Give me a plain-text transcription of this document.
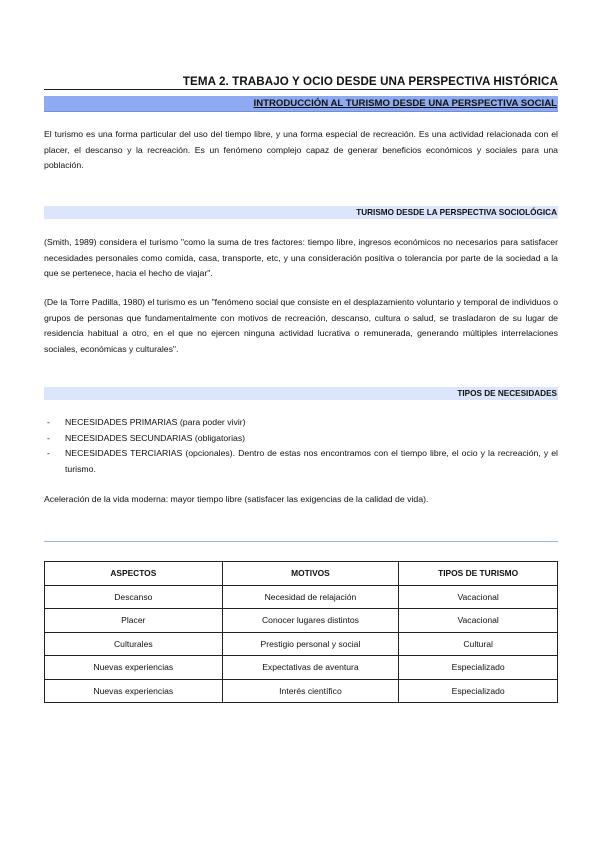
TEMA 2. TRABAJO Y OCIO DESDE UNA PERSPECTIVA HISTÓRICA
INTRODUCCIÓN AL TURISMO DESDE UNA PERSPECTIVA SOCIAL

El turismo es una forma particular del uso del tiempo libre, y una forma especial de recreación. Es una actividad relacionada con el placer, el descanso y la recreación. Es un fenómeno complejo capaz de generar beneficios económicos y sociales para una población.

TURISMO DESDE LA PERSPECTIVA SOCIOLÓGICA

(Smith, 1989) considera el turismo "como la suma de tres factores: tiempo libre, ingresos económicos no necesarios para satisfacer necesidades personales como comida, casa, transporte, etc, y una consideración positiva o tolerancia por parte de la sociedad a la que se pertenece, hacia el hecho de viajar".

(De la Torre Padilla, 1980) el turismo es un "fenómeno social que consiste en el desplazamiento voluntario y temporal de individuos o grupos de personas que fundamentalmente con motivos de recreación, descanso, cultura o salud, se trasladaron de su lugar de residencia habitual a otro, en el que no ejercen ninguna actividad lucrativa o remunerada, generando múltiples interrelaciones sociales, económicas y culturales".

TIPOS DE NECESIDADES
- NECESIDADES PRIMARIAS (para poder vivir)
- NECESIDADES SECUNDARIAS (obligatorias)
- NECESIDADES TERCIARIAS (opcionales). Dentro de estas nos encontramos con el tiempo libre, el ocio y la recreación, y el turismo.

Aceleración de la vida moderna: mayor tiempo libre (satisfacer las exigencias de la calidad de vida).

ASPECTOS	MOTIVOS	TIPOS DE TURISMO
Descanso	Necesidad de relajación	Vacacional
Placer	Conocer lugares distintos	Vacacional
Culturales	Prestigio personal y social	Cultural
Nuevas experiencias	Expectativas de aventura	Especializado
Nuevas experiencias	Interés científico	Especializado
